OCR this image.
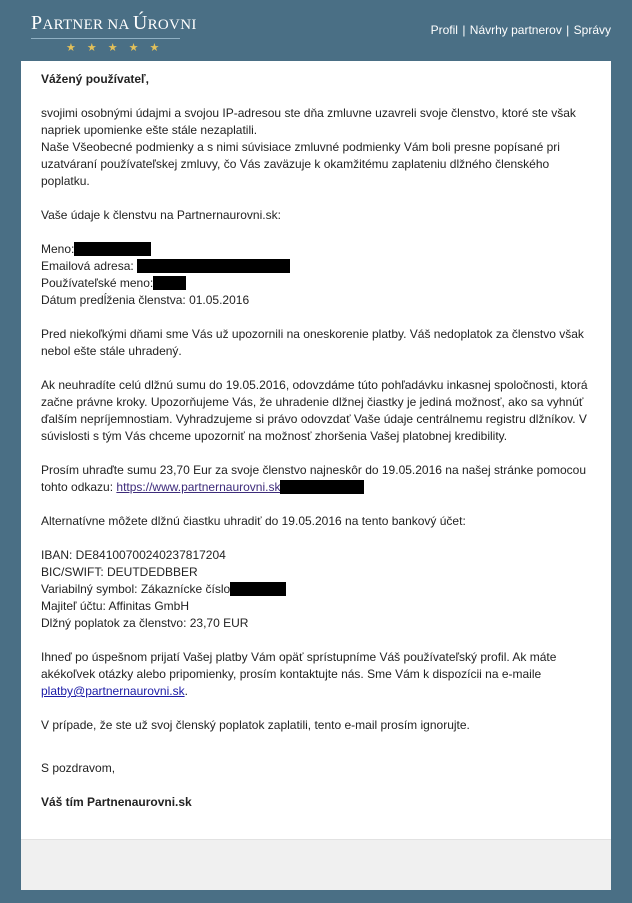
PARTNER NA ÚROVNI
★★★★★
Profil | Návrhy partnerov | Správy

Vážený používateľ,

svojimi osobnými údajmi a svojou IP-adresou ste dňa zmluvne uzavreli svoje členstvo, ktoré ste však napriek upomienke ešte stále nezaplatili.
Naše Všeobecné podmienky a s nimi súvisiace zmluvné podmienky Vám boli presne popísané pri uzatváraní používateľskej zmluvy, čo Vás zaväzuje k okamžitému zaplateniu dlžného členského poplatku.

Vaše údaje k členstvu na Partnernaurovni.sk:

Meno:
Emailová adresa:
Používateľské meno:
Dátum predĺženia členstva: 01.05.2016

Pred niekoľkými dňami sme Vás už upozornili na oneskorenie platby. Váš nedoplatok za členstvo však nebol ešte stále uhradený.

Ak neuhradíte celú dlžnú sumu do 19.05.2016, odovzdáme túto pohľadávku inkasnej spoločnosti, ktorá začne právne kroky. Upozorňujeme Vás, že uhradenie dlžnej čiastky je jediná možnosť, ako sa vyhnúť ďalším nepríjemnostiam. Vyhradzujeme si právo odovzdať Vaše údaje centrálnemu registru dlžníkov. V súvislosti s tým Vás chceme upozorniť na možnosť zhoršenia Vašej platobnej kredibility.

Prosím uhraďte sumu 23,70 Eur za svoje členstvo najneskôr do 19.05.2016 na našej stránke pomocou tohto odkazu: https://www.partnernaurovni.sk

Alternatívne môžete dlžnú čiastku uhradiť do 19.05.2016 na tento bankový účet:

IBAN: DE84100700240237817204
BIC/SWIFT: DEUTDEDBBER
Variabilný symbol: Zákaznícke číslo
Majiteľ účtu: Affinitas GmbH
Dlžný poplatok za členstvo: 23,70 EUR

Ihneď po úspešnom prijatí Vašej platby Vám opäť sprístupníme Váš používateľský profil. Ak máte akékoľvek otázky alebo pripomienky, prosím kontaktujte nás. Sme Vám k dispozícii na e-maile platby@partnernaurovni.sk.

V prípade, že ste už svoj členský poplatok zaplatili, tento e-mail prosím ignorujte.

S pozdravom,

Váš tím Partnenaurovni.sk
